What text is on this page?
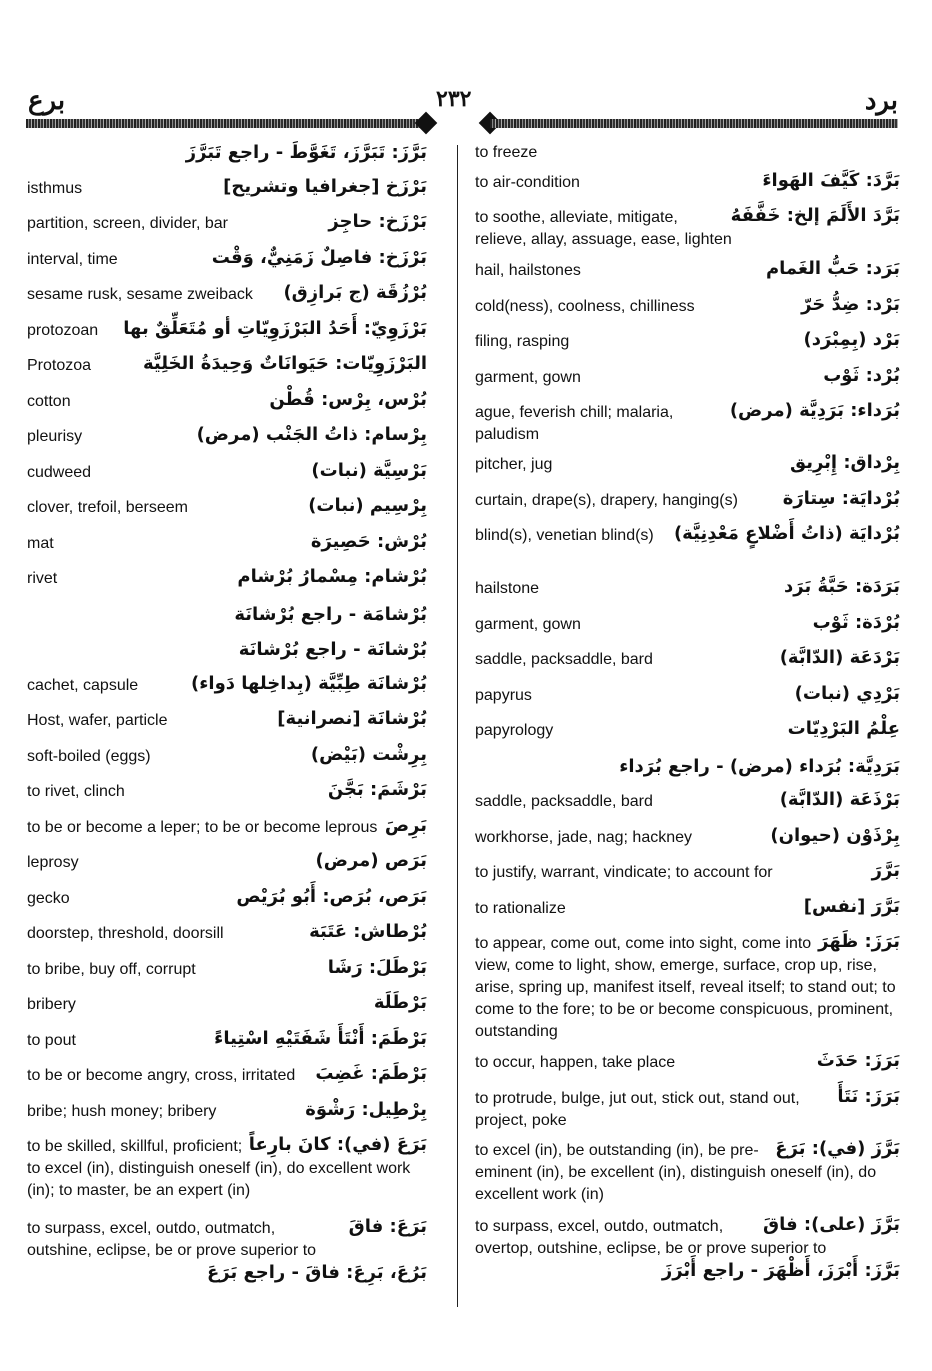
برع	٢٣٢	برد
بَرَّزَ: تَبَرَّزَ، تَغَوَّطَ - راجع تَبَرَّزَ
بَرْزَخ [جغرافيا وتشريح]
isthmus
بَرْزَخ: حاجِز
partition, screen, divider, bar
بَرْزَخ: فاصِلٌ زَمَنِيٌّ، وَقْت
interval, time
بُرْزُقَة (ج بَرازِق)
sesame rusk, sesame zweiback
بَرْزَوِيّ: أَحَدُ البَرْزَوِيّاتِ أو مُتَعَلِّقٌ بها
protozoan
البَرْزَوِيّات: حَيَوانَاتٌ وَحِيدَةُ الخَلِيَّة
Protozoa
بُرْس، بِرْس: قُطْن
cotton
بِرْسام: ذاتُ الجَنْب (مرض)
pleurisy
بَرْسِيَّة (نبات)
cudweed
بِرْسِيم (نبات)
clover, trefoil, berseem
بُرْش: حَصِيرَة
mat
بُرْشام: مِسْمارُ بُرْشام
rivet
بُرْشامَة - راجع بُرْشانَة
بُرْشانَة - راجع بُرْشانَة
بُرْشانَة طِبِّيَّة (بِداخِلها دَواء)
cachet, capsule
بُرْشانَة [نصرانية]
Host, wafer, particle
بِرِشْت (بَيْض)
soft-boiled (eggs)
بَرْشَمَ: بَجَّنَ
to rivet, clinch
بَرِصَ
to be or become a leper; to be or become leprous
بَرَص (مرض)
leprosy
بَرَص، بُرَص: أَبُو بُرَيْص
gecko
بُرْطاش: عَتَبَة
doorstep, threshold, doorsill
بَرْطَلَ: رَشَا
to bribe, buy off, corrupt
بَرْطَلَة
bribery
بَرْطَمَ: أَنْتَأَ شَفَتَيْهِ اسْتِياءً
to pout
بَرْطَمَ: غَضِبَ
to be or become angry, cross, irritated
بِرْطِيل: رَشْوَة
bribe; hush money; bribery
بَرَعَ (في): كانَ بارِعاً
to be skilled, skillful, proficient; to excel (in), distinguish oneself (in), do excellent work (in); to master, be an expert (in)
بَرَعَ: فاقَ
to surpass, excel, outdo, outmatch, outshine, eclipse, be or prove superior to
بَرُعَ، بَرِعَ: فاقَ - راجع بَرَعَ
to freeze
بَرَّدَ: كَيَّفَ الهَواءَ
to air-condition
بَرَّدَ الأَلَمَ إلخ: خَفَّفَهُ
to soothe, alleviate, mitigate, relieve, allay, assuage, ease, lighten
بَرَد: حَبُّ الغَمام
hail, hailstones
بَرْد: ضِدُّ حَرّ
cold(ness), coolness, chilliness
بَرْد (بِمِبْرَد)
filing, rasping
بُرْد: ثَوْب
garment, gown
بُرَداء: بَرَدِيَّة (مرض)
ague, feverish chill; malaria, paludism
بِرْداق: إِبْرِيق
pitcher, jug
بُرْدايَة: سِتارَة
curtain, drape(s), drapery, hanging(s)
بُرْدايَة (ذاتُ أَضْلاعٍ مَعْدِنِيَّة)
blind(s), venetian blind(s)
بَرَدَة: حَبَّةُ بَرَد
hailstone
بُرْدَة: ثَوْب
garment, gown
بَرْدَعَة (الدّابَّة)
saddle, packsaddle, bard
بَرْدِي (نبات)
papyrus
عِلْمُ البَرْدِيّات
papyrology
بَرَدِيَّة: بُرَداء (مرض) - راجع بُرَداء
بَرْذَعَة (الدّابَّة)
saddle, packsaddle, bard
بِرْذَوْن (حيوان)
workhorse, jade, nag; hackney
بَرَّرَ
to justify, warrant, vindicate; to account for
بَرَّرَ [نفس]
to rationalize
بَرَزَ: ظَهَرَ
to appear, come out, come into sight, come into view, come to light, show, emerge, surface, crop up, rise, arise, spring up, manifest itself, reveal itself; to stand out; to come to the fore; to be or become conspicuous, prominent, outstanding
بَرَزَ: حَدَثَ
to occur, happen, take place
بَرَزَ: نَتَأَ
to protrude, bulge, jut out, stick out, stand out, project, poke
بَرَّزَ (في): بَرَعَ
to excel (in), be outstanding (in), be pre-eminent (in), be excellent (in), distinguish oneself (in), do excellent work (in)
بَرَّزَ (على): فاقَ
to surpass, excel, outdo, outmatch, overtop, outshine, eclipse, be or prove superior to
بَرَّزَ: أَبْرَزَ، أَظْهَرَ - راجع أَبْرَزَ
